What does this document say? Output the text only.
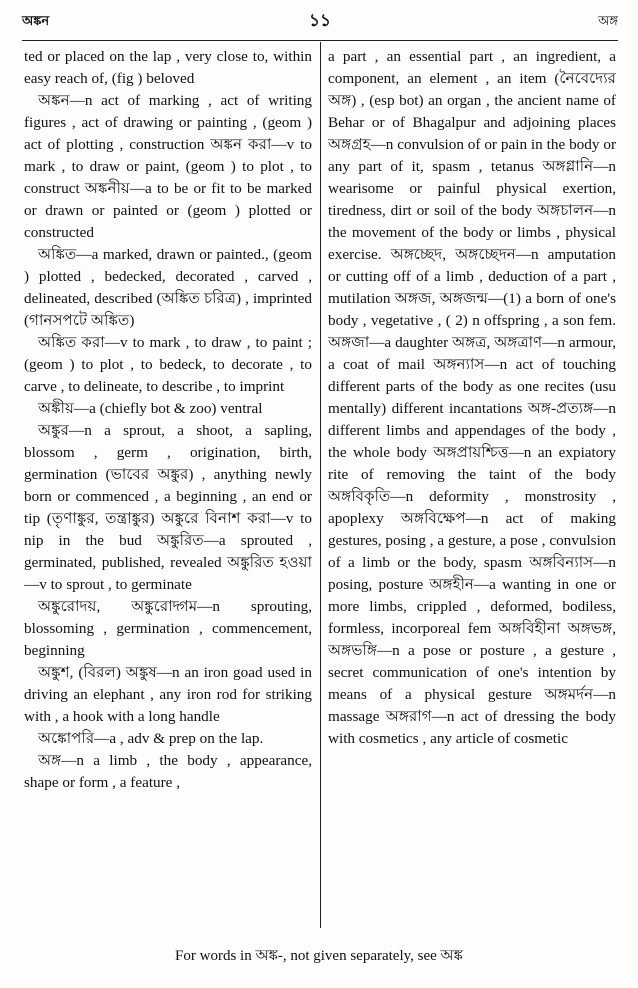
অঙ্কন	১১	অঙ্গ

ted or placed on the lap , very close to, within easy reach of, (fig ) beloved

অঙ্কন—n act of marking , act of writing figures , act of drawing or painting , (geom ) act of plotting , construction অঙ্কন করা—v to mark , to draw or paint, (geom ) to plot , to construct অঙ্কনীয়—a to be or fit to be marked or drawn or painted or (geom ) plotted or constructed

অঙ্কিত—a marked, drawn or painted., (geom ) plotted , bedecked, decorated , carved , delineated, described (অঙ্কিত চরিত্র) , imprinted (গানসপটে অঙ্কিত)

অঙ্কিত করা—v to mark , to draw , to paint ; (geom ) to plot , to bedeck, to decorate , to carve , to delineate, to describe , to imprint

অঙ্কীয়—a (chiefly bot & zoo) ventral

অঙ্কুর—n a sprout, a shoot, a sapling, blossom , germ , origination, birth, germination (ভাবের অঙ্কুর) , anything newly born or commenced , a beginning , an end or tip (তৃণাঙ্কুর, তন্ত্রাঙ্কুর) অঙ্কুরে বিনাশ করা—v to nip in the bud অঙ্কুরিত—a sprouted , germinated, published, revealed অঙ্কুরিত হওয়া—v to sprout , to germinate

অঙ্কুরোদয়, অঙ্কুরোদ্গম—n sprouting, blossoming , germination , commencement, beginning

অঙ্কুশ, (বিরল) অঙ্কুষ—n an iron goad used in driving an elephant , any iron rod for striking with , a hook with a long handle

অঙ্কোপরি—a , adv & prep on the lap.

অঙ্গ—n a limb , the body , appearance, shape or form , a feature ,

a part , an essential part , an ingredient, a component, an element , an item (নৈবেদ্যের অঙ্গ) , (esp bot) an organ , the ancient name of Behar or of Bhagalpur and adjoining places অঙ্গগ্রহ—n convulsion of or pain in the body or any part of it, spasm , tetanus অঙ্গগ্লানি—n wearisome or painful physical exertion, tiredness, dirt or soil of the body অঙ্গচালন—n the movement of the body or limbs , physical exercise. অঙ্গচ্ছেদ, অঙ্গচ্ছেদন—n amputation or cutting off of a limb , deduction of a part , mutilation অঙ্গজ, অঙ্গজন্ম—(1) a born of one's body , vegetative , ( 2) n offspring , a son fem. অঙ্গজা—a daughter অঙ্গত্র, অঙ্গত্রাণ—n armour, a coat of mail অঙ্গন্যাস—n act of touching different parts of the body as one recites (usu mentally) different incantations অঙ্গ-প্রত্যঙ্গ—n different limbs and appendages of the body , the whole body অঙ্গপ্রায়শ্চিত্ত—n an expiatory rite of removing the taint of the body অঙ্গবিকৃতি—n deformity , monstrosity , apoplexy অঙ্গবিক্ষেপ—n act of making gestures, posing , a gesture, a pose , convulsion of a limb or the body, spasm অঙ্গবিন্যাস—n posing, posture অঙ্গহীন—a wanting in one or more limbs, crippled , deformed, bodiless, formless, incorporeal fem অঙ্গবিহীনা অঙ্গভঙ্গ, অঙ্গভঙ্গি—n a pose or posture , a gesture , secret communication of one's intention by means of a physical gesture অঙ্গমর্দন—n massage অঙ্গরাগ—n act of dressing the body with cosmetics , any article of cosmetic

For words in অঙ্ক-, not given separately, see অঙ্ক
